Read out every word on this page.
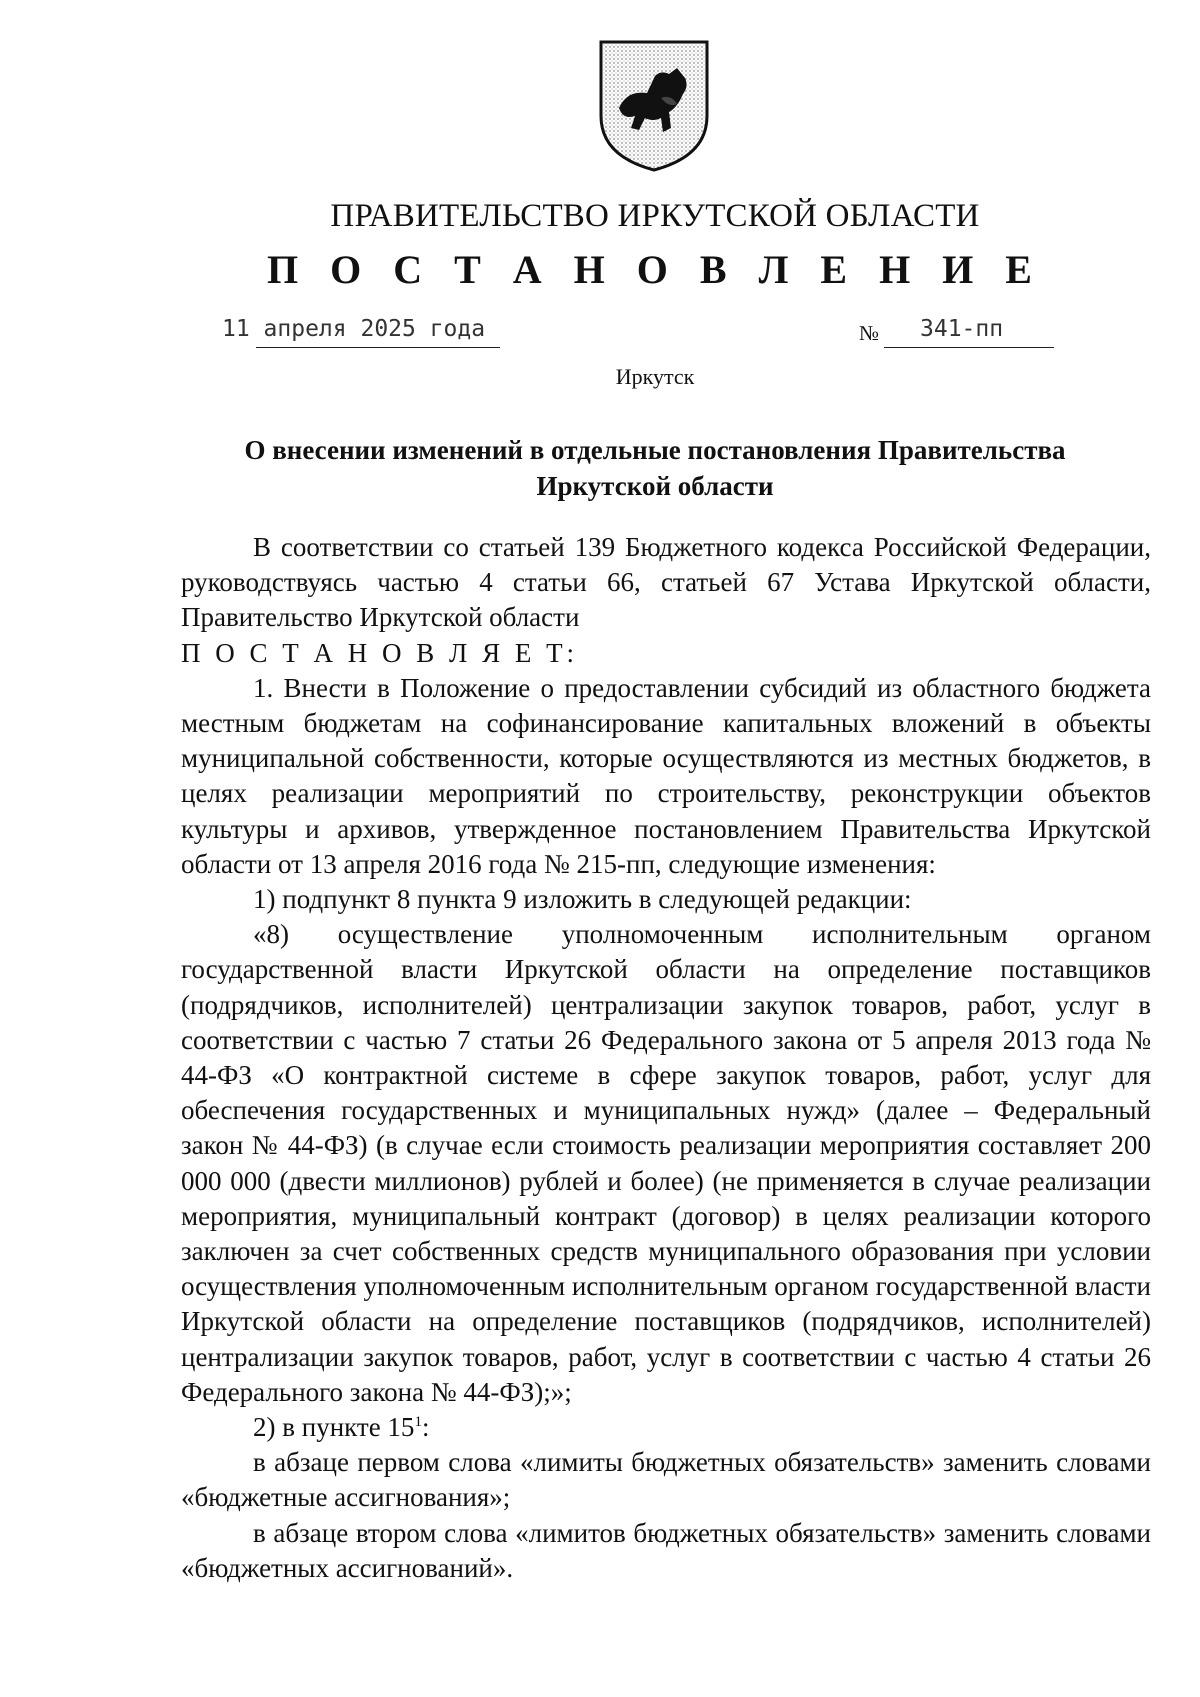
ПРАВИТЕЛЬСТВО ИРКУТСКОЙ ОБЛАСТИ
П О С Т А Н О В Л Е Н И Е
11 апреля 2025 года	№ 341-пп
Иркутск
О внесении изменений в отдельные постановления Правительства
Иркутской области

В соответствии со статьей 139 Бюджетного кодекса Российской Федерации, руководствуясь частью 4 статьи 66, статьей 67 Устава Иркутской области, Правительство Иркутской области

П О С Т А Н О В Л Я Е Т:

1. Внести в Положение о предоставлении субсидий из областного бюджета местным бюджетам на софинансирование капитальных вложений в объекты муниципальной собственности, которые осуществляются из местных бюджетов, в целях реализации мероприятий по строительству, реконструкции объектов культуры и архивов, утвержденное постановлением Правительства Иркутской области от 13 апреля 2016 года № 215-пп, следующие изменения:

1) подпункт 8 пункта 9 изложить в следующей редакции:

«8) осуществление уполномоченным исполнительным органом государственной власти Иркутской области на определение поставщиков (подрядчиков, исполнителей) централизации закупок товаров, работ, услуг в соответствии с частью 7 статьи 26 Федерального закона от 5 апреля 2013 года № 44-ФЗ «О контрактной системе в сфере закупок товаров, работ, услуг для обеспечения государственных и муниципальных нужд» (далее – Федеральный закон № 44-ФЗ) (в случае если стоимость реализации мероприятия составляет 200 000 000 (двести миллионов) рублей и более) (не применяется в случае реализации мероприятия, муниципальный контракт (договор) в целях реализации которого заключен за счет собственных средств муниципального образования при условии осуществления уполномоченным исполнительным органом государственной власти Иркутской области на определение поставщиков (подрядчиков, исполнителей) централизации закупок товаров, работ, услуг в соответствии с частью 4 статьи 26 Федерального закона № 44-ФЗ);»;

2) в пункте $15^1$:

в абзаце первом слова «лимиты бюджетных обязательств» заменить словами «бюджетные ассигнования»;

в абзаце втором слова «лимитов бюджетных обязательств» заменить словами «бюджетных ассигнований».
